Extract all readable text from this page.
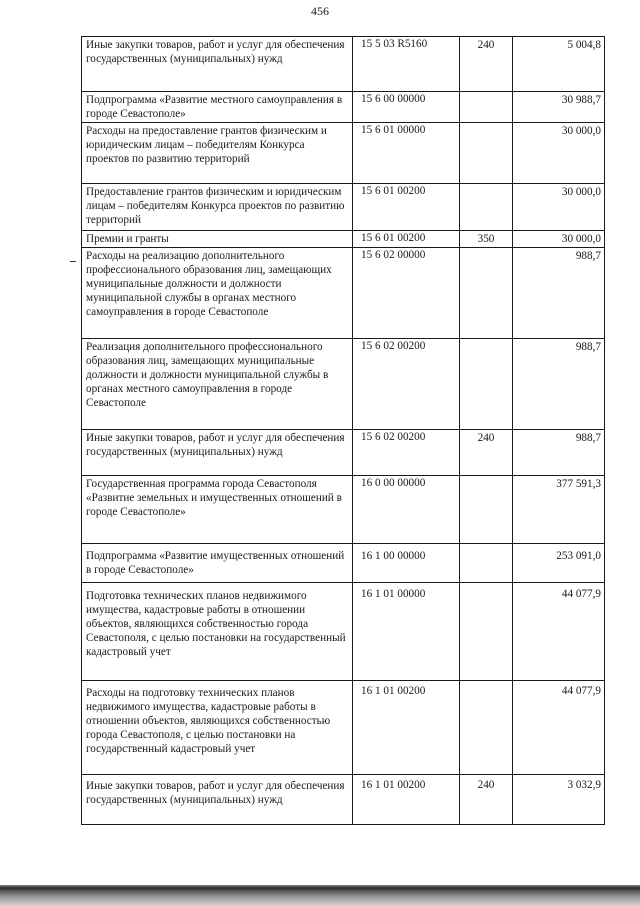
456
Иные закупки товаров, работ и услуг для обеспечения государственных (муниципальных) нужд	15 5 03 R5160	240	5 004,8
Подпрограмма «Развитие местного самоуправления в городе Севастополе»	15 6 00 00000		30 988,7
Расходы на предоставление грантов физическим и юридическим лицам – победителям Конкурса проектов по развитию территорий	15 6 01 00000		30 000,0
Предоставление грантов физическим и юридическим лицам – победителям Конкурса проектов по развитию территорий	15 6 01 00200		30 000,0
Премии и гранты	15 6 01 00200	350	30 000,0
Расходы на реализацию дополнительного профессионального образования лиц, замещающих муниципальные должности и должности муниципальной службы в органах местного самоуправления в городе Севастополе	15 6 02 00000		988,7
Реализация дополнительного профессионального образования лиц, замещающих муниципальные должности и должности муниципальной службы в органах местного самоуправления в городе Севастополе	15 6 02 00200		988,7
Иные закупки товаров, работ и услуг для обеспечения государственных (муниципальных) нужд	15 6 02 00200	240	988,7
Государственная программа города Севастополя «Развитие земельных и имущественных отношений в городе Севастополе»	16 0 00 00000		377 591,3
Подпрограмма «Развитие имущественных отношений в городе Севастополе»	16 1 00 00000		253 091,0
Подготовка технических планов недвижимого имущества, кадастровые работы в отношении объектов, являющихся собственностью города Севастополя, с целью постановки на государственный кадастровый учет	16 1 01 00000		44 077,9
Расходы на подготовку технических планов недвижимого имущества, кадастровые работы в отношении объектов, являющихся собственностью города Севастополя, с целью постановки на государственный кадастровый учет	16 1 01 00200		44 077,9
Иные закупки товаров, работ и услуг для обеспечения государственных (муниципальных) нужд	16 1 01 00200	240	3 032,9
